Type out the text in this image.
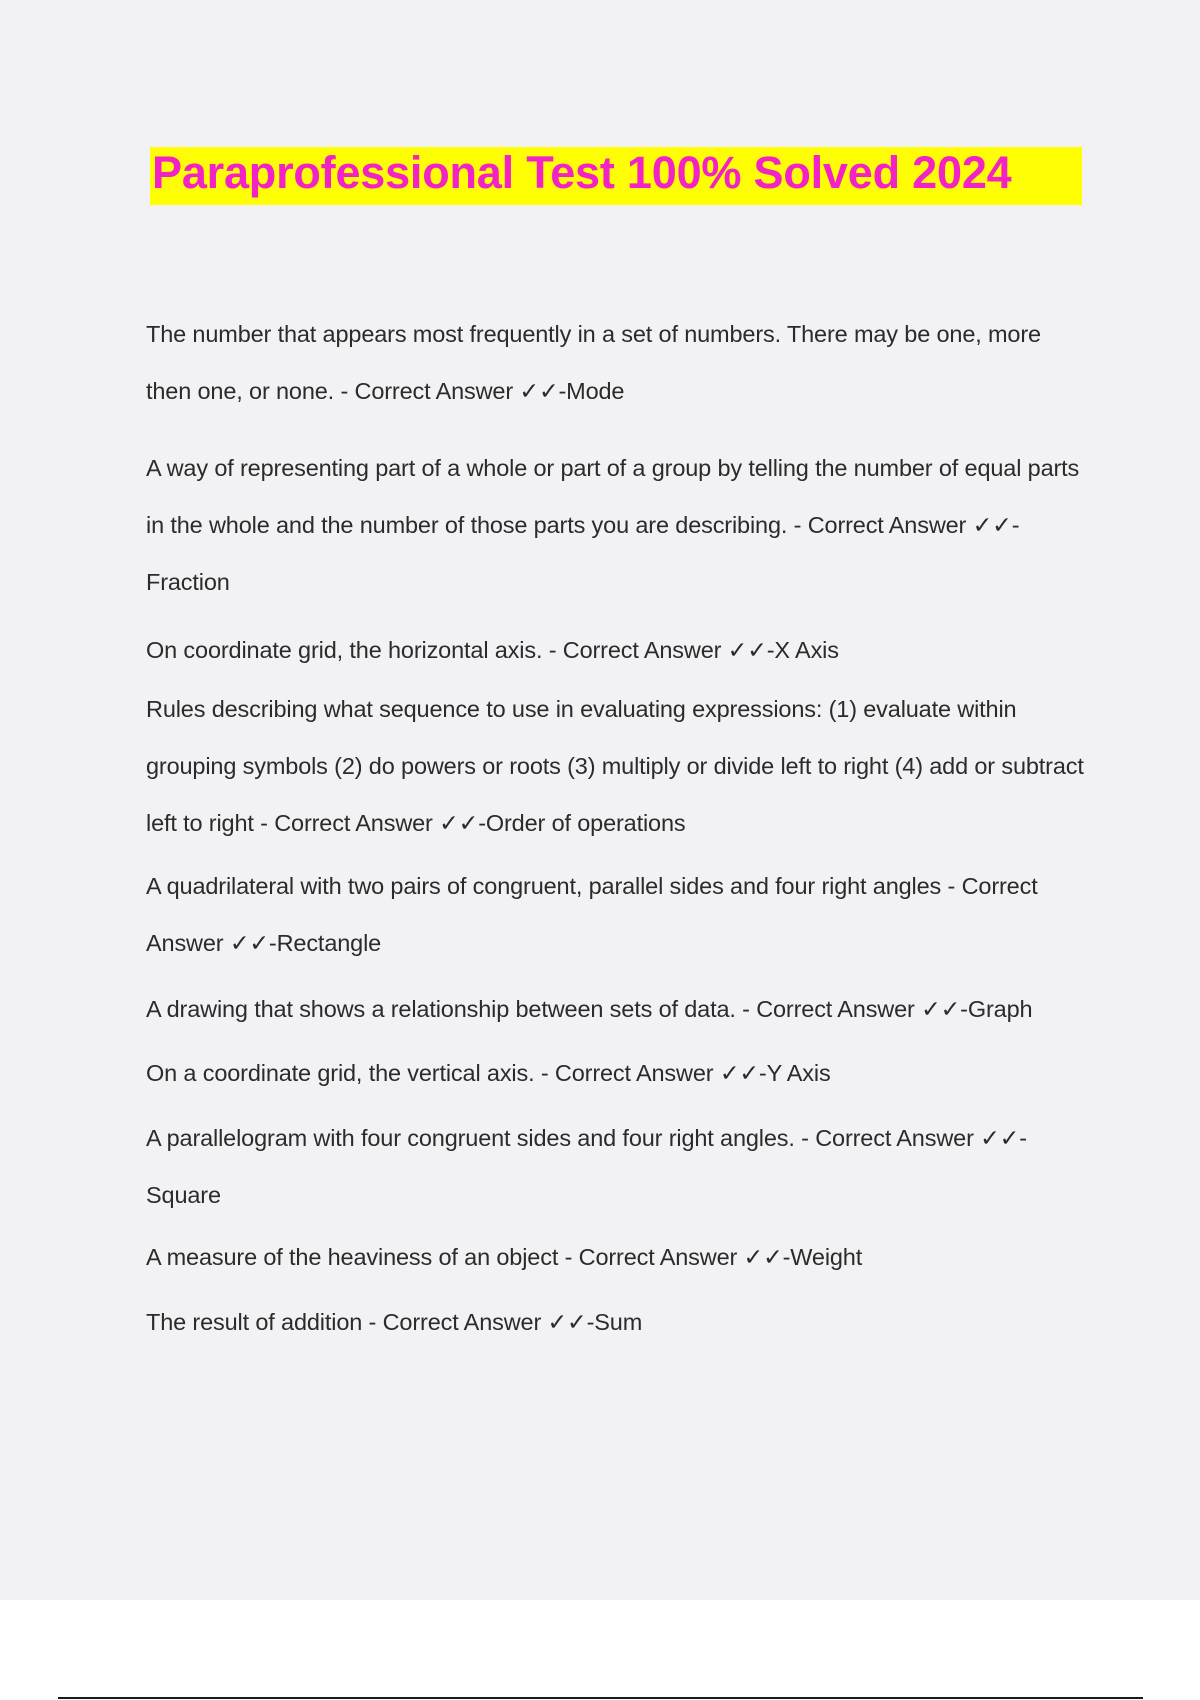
Paraprofessional Test 100% Solved 2024

The number that appears most frequently in a set of numbers. There may be one, more then one, or none. - Correct Answer ✓✓-Mode

A way of representing part of a whole or part of a group by telling the number of equal parts in the whole and the number of those parts you are describing. - Correct Answer ✓✓-Fraction

On coordinate grid, the horizontal axis. - Correct Answer ✓✓-X Axis

Rules describing what sequence to use in evaluating expressions: (1) evaluate within grouping symbols (2) do powers or roots (3) multiply or divide left to right (4) add or subtract left to right - Correct Answer ✓✓-Order of operations

A quadrilateral with two pairs of congruent, parallel sides and four right angles - Correct Answer ✓✓-Rectangle

A drawing that shows a relationship between sets of data. - Correct Answer ✓✓-Graph

On a coordinate grid, the vertical axis. - Correct Answer ✓✓-Y Axis

A parallelogram with four congruent sides and four right angles. - Correct Answer ✓✓-Square

A measure of the heaviness of an object - Correct Answer ✓✓-Weight

The result of addition - Correct Answer ✓✓-Sum
